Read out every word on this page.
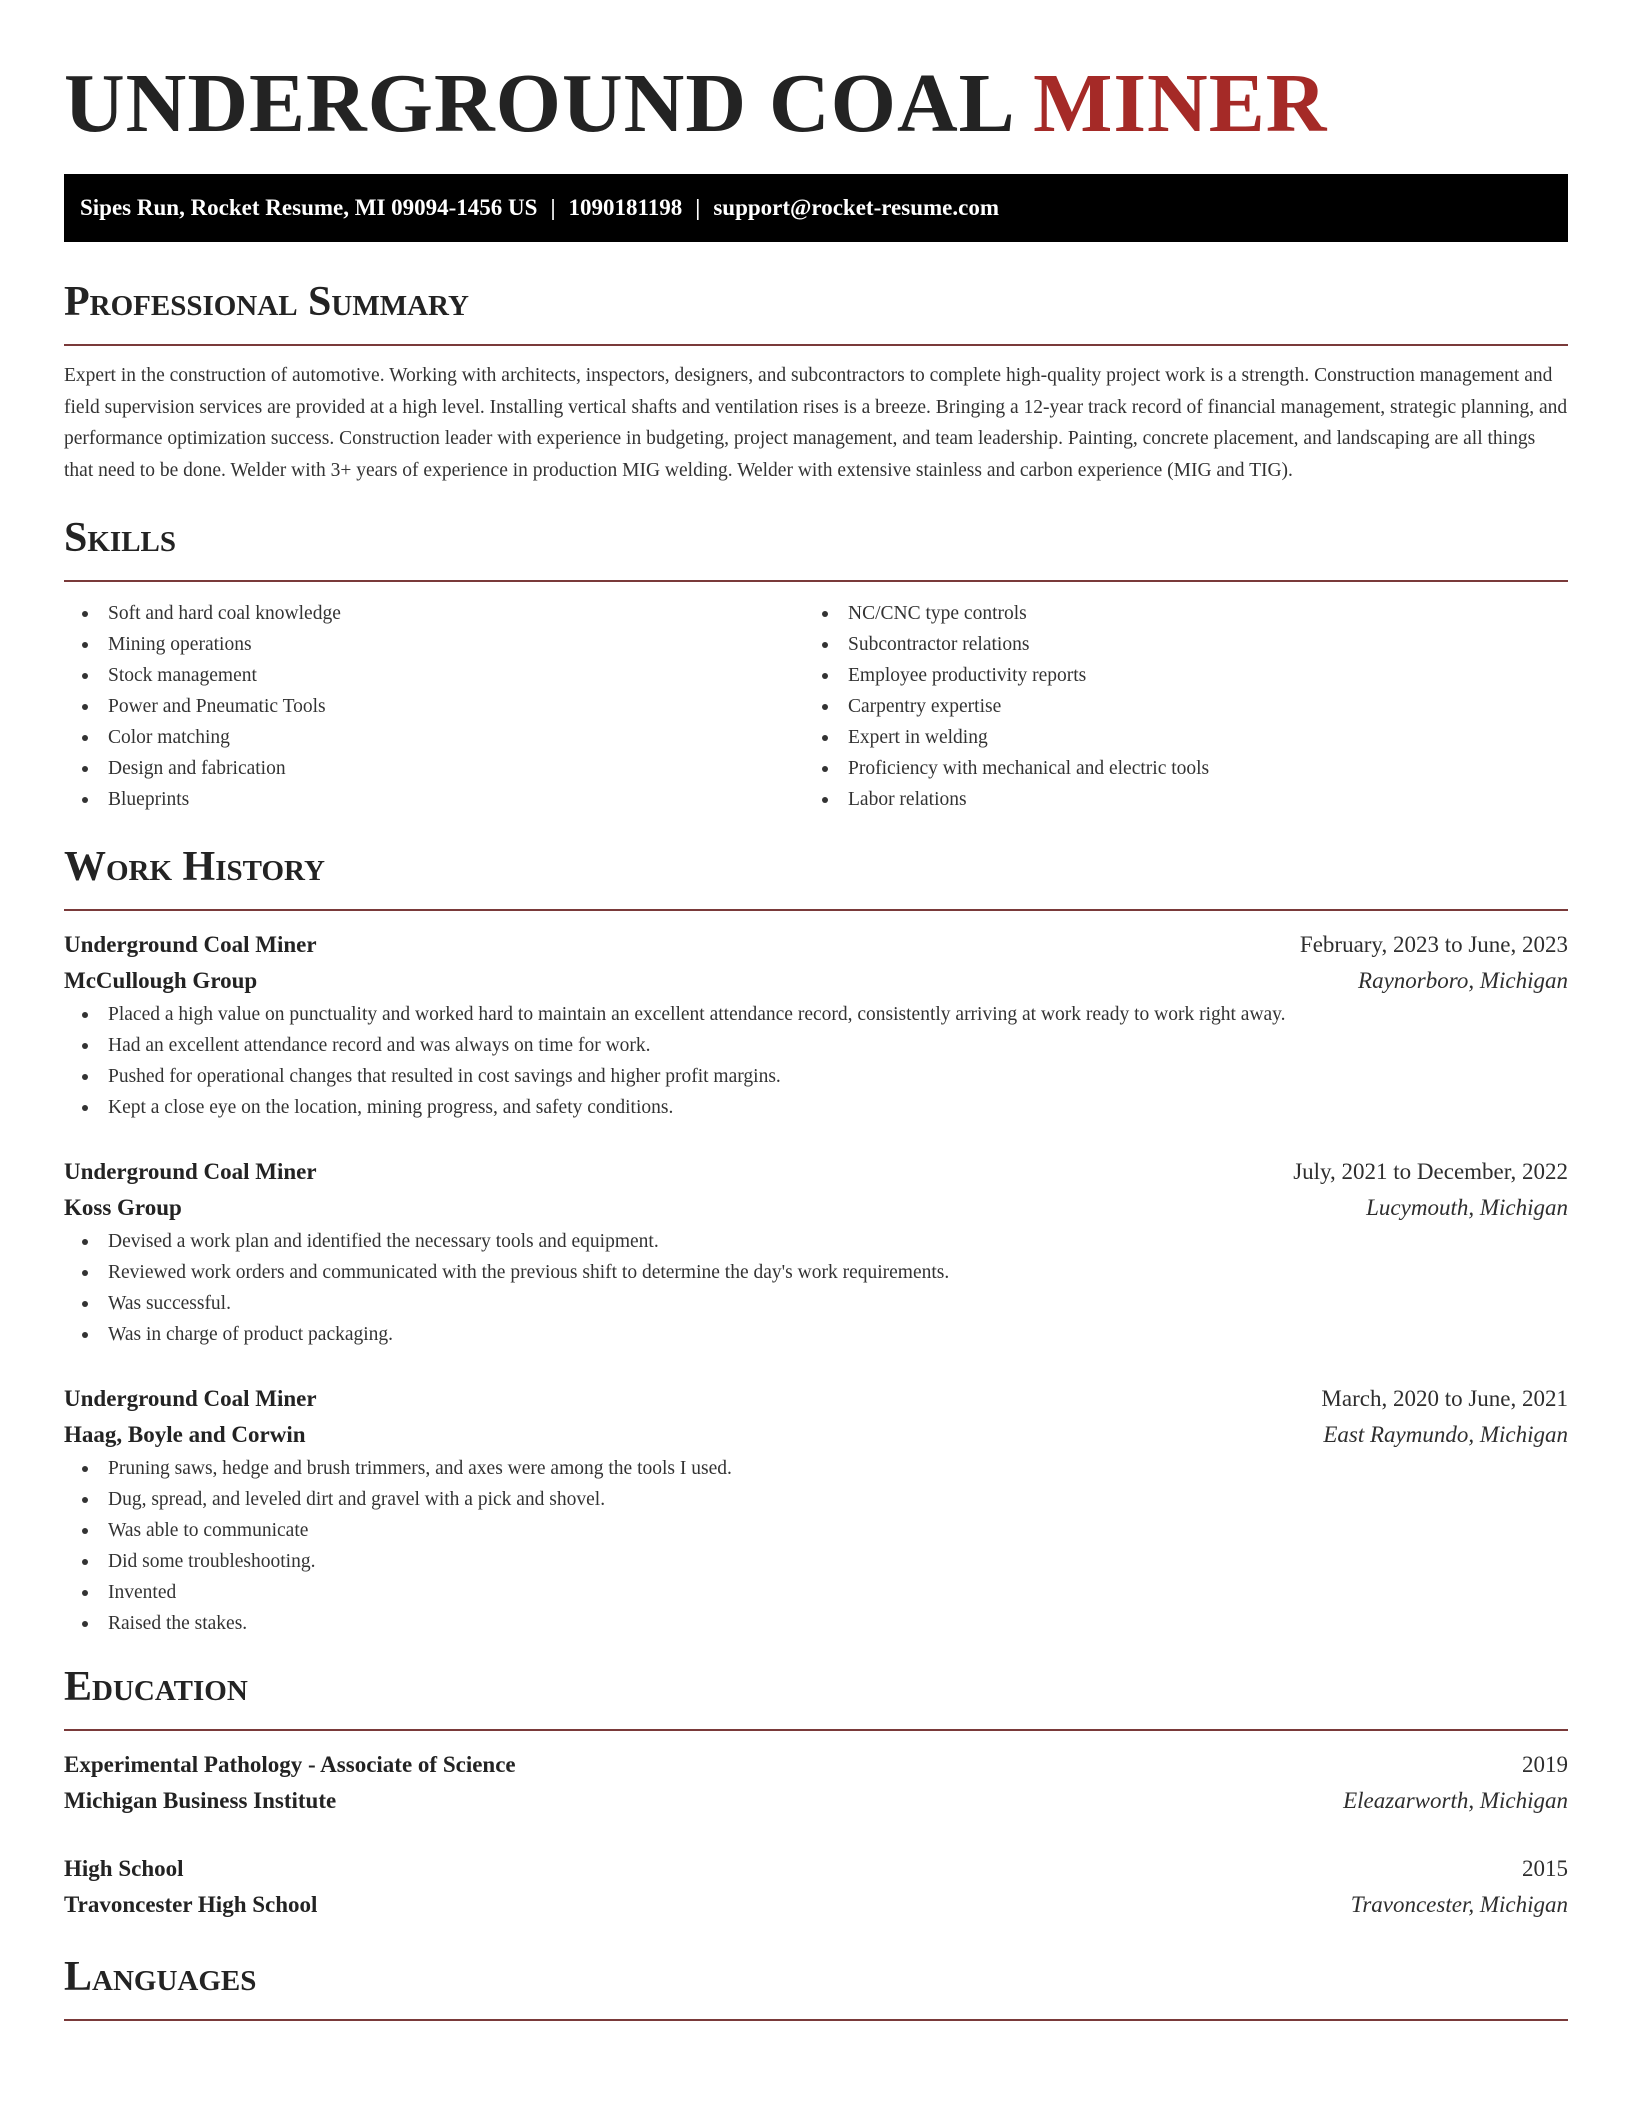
UNDERGROUND COAL MINER
Sipes Run, Rocket Resume, MI 09094-1456 US | 1090181198 | support@rocket-resume.com
Professional Summary

Expert in the construction of automotive. Working with architects, inspectors, designers, and subcontractors to complete high-quality project work is a strength. Construction management and field supervision services are provided at a high level. Installing vertical shafts and ventilation rises is a breeze. Bringing a 12-year track record of financial management, strategic planning, and performance optimization success. Construction leader with experience in budgeting, project management, and team leadership. Painting, concrete placement, and landscaping are all things that need to be done. Welder with 3+ years of experience in production MIG welding. Welder with extensive stainless and carbon experience (MIG and TIG).

Skills
Soft and hard coal knowledge
Mining operations
Stock management
Power and Pneumatic Tools
Color matching
Design and fabrication
Blueprints
NC/CNC type controls
Subcontractor relations
Employee productivity reports
Carpentry expertise
Expert in welding
Proficiency with mechanical and electric tools
Labor relations
Work History
Underground Coal Miner	February, 2023 to June, 2023
McCullough Group	Raynorboro, Michigan
Placed a high value on punctuality and worked hard to maintain an excellent attendance record, consistently arriving at work ready to work right away.
Had an excellent attendance record and was always on time for work.
Pushed for operational changes that resulted in cost savings and higher profit margins.
Kept a close eye on the location, mining progress, and safety conditions.
Underground Coal Miner	July, 2021 to December, 2022
Koss Group	Lucymouth, Michigan
Devised a work plan and identified the necessary tools and equipment.
Reviewed work orders and communicated with the previous shift to determine the day's work requirements.
Was successful.
Was in charge of product packaging.
Underground Coal Miner	March, 2020 to June, 2021
Haag, Boyle and Corwin	East Raymundo, Michigan
Pruning saws, hedge and brush trimmers, and axes were among the tools I used.
Dug, spread, and leveled dirt and gravel with a pick and shovel.
Was able to communicate
Did some troubleshooting.
Invented
Raised the stakes.
Education
Experimental Pathology - Associate of Science	2019
Michigan Business Institute	Eleazarworth, Michigan
High School	2015
Travoncester High School	Travoncester, Michigan
Languages
